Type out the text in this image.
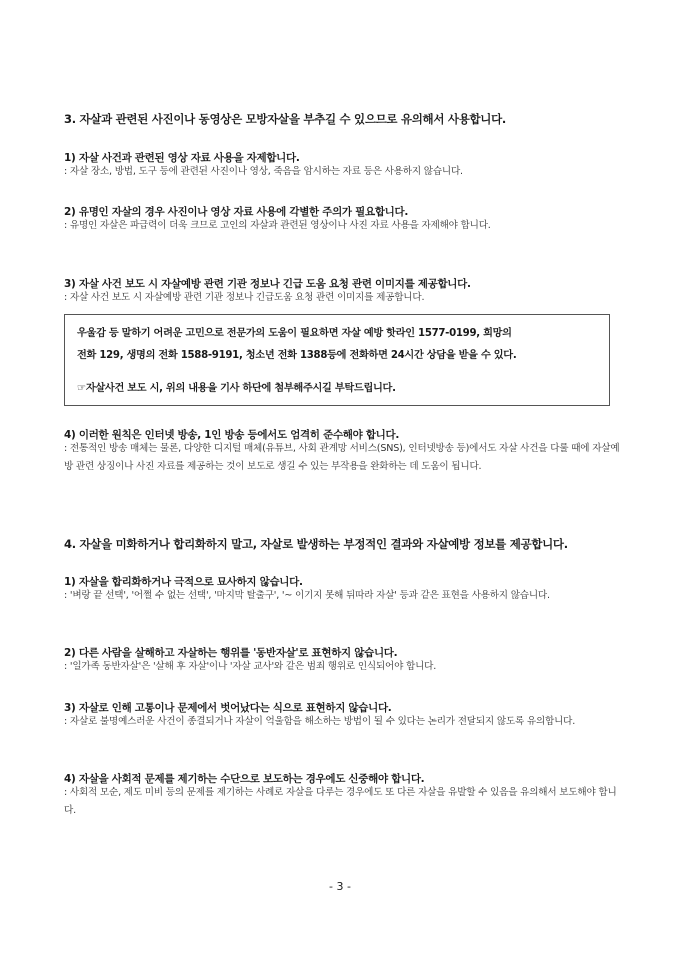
3. 자살과 관련된 사진이나 동영상은 모방자살을 부추길 수 있으므로 유의해서 사용합니다.
1) 자살 사건과 관련된 영상 자료 사용을 자제합니다.
: 자살 장소, 방법, 도구 등에 관련된 사진이나 영상, 죽음을 암시하는 자료 등은 사용하지 않습니다.
2) 유명인 자살의 경우 사진이나 영상 자료 사용에 각별한 주의가 필요합니다.
: 유명인 자살은 파급력이 더욱 크므로 고인의 자살과 관련된 영상이나 사진 자료 사용을 자제해야 합니다.
3) 자살 사건 보도 시 자살예방 관련 기관 정보나 긴급 도움 요청 관련 이미지를 제공합니다.
: 자살 사건 보도 시 자살예방 관련 기관 정보나 긴급도움 요청 관련 이미지를 제공합니다.
우울감 등 말하기 어려운 고민으로 전문가의 도움이 필요하면 자살 예방 핫라인 1577-0199, 희망의
전화 129, 생명의 전화 1588-9191, 청소년 전화 1388등에 전화하면 24시간 상담을 받을 수 있다.
☞자살사건 보도 시, 위의 내용을 기사 하단에 첨부해주시길 부탁드립니다.
4) 이러한 원칙은 인터넷 방송, 1인 방송 등에서도 엄격히 준수해야 합니다.
: 전통적인 방송 매체는 물론, 다양한 디지털 매체(유튜브, 사회 관계망 서비스(SNS), 인터넷방송 등)에서도 자살 사건을 다룰 때에 자살예방 관련 상징이나 사진 자료를 제공하는 것이 보도로 생길 수 있는 부작용을 완화하는 데 도움이 됩니다.
4. 자살을 미화하거나 합리화하지 말고, 자살로 발생하는 부정적인 결과와 자살예방 정보를 제공합니다.
1) 자살을 합리화하거나 극적으로 묘사하지 않습니다.
: '벼랑 끝 선택', '어쩔 수 없는 선택', '마지막 탈출구', '~ 이기지 못해 뒤따라 자살' 등과 같은 표현을 사용하지 않습니다.
2) 다른 사람을 살해하고 자살하는 행위를 '동반자살'로 표현하지 않습니다.
: '일가족 동반자살'은 '살해 후 자살'이나 '자살 교사'와 같은 범죄 행위로 인식되어야 합니다.
3) 자살로 인해 고통이나 문제에서 벗어났다는 식으로 표현하지 않습니다.
: 자살로 불명예스러운 사건이 종결되거나 자살이 억울함을 해소하는 방법이 될 수 있다는 논리가 전달되지 않도록 유의합니다.
4) 자살을 사회적 문제를 제기하는 수단으로 보도하는 경우에도 신중해야 합니다.
: 사회적 모순, 제도 미비 등의 문제를 제기하는 사례로 자살을 다루는 경우에도 또 다른 자살을 유발할 수 있음을 유의해서 보도해야 합니다.
- 3 -
